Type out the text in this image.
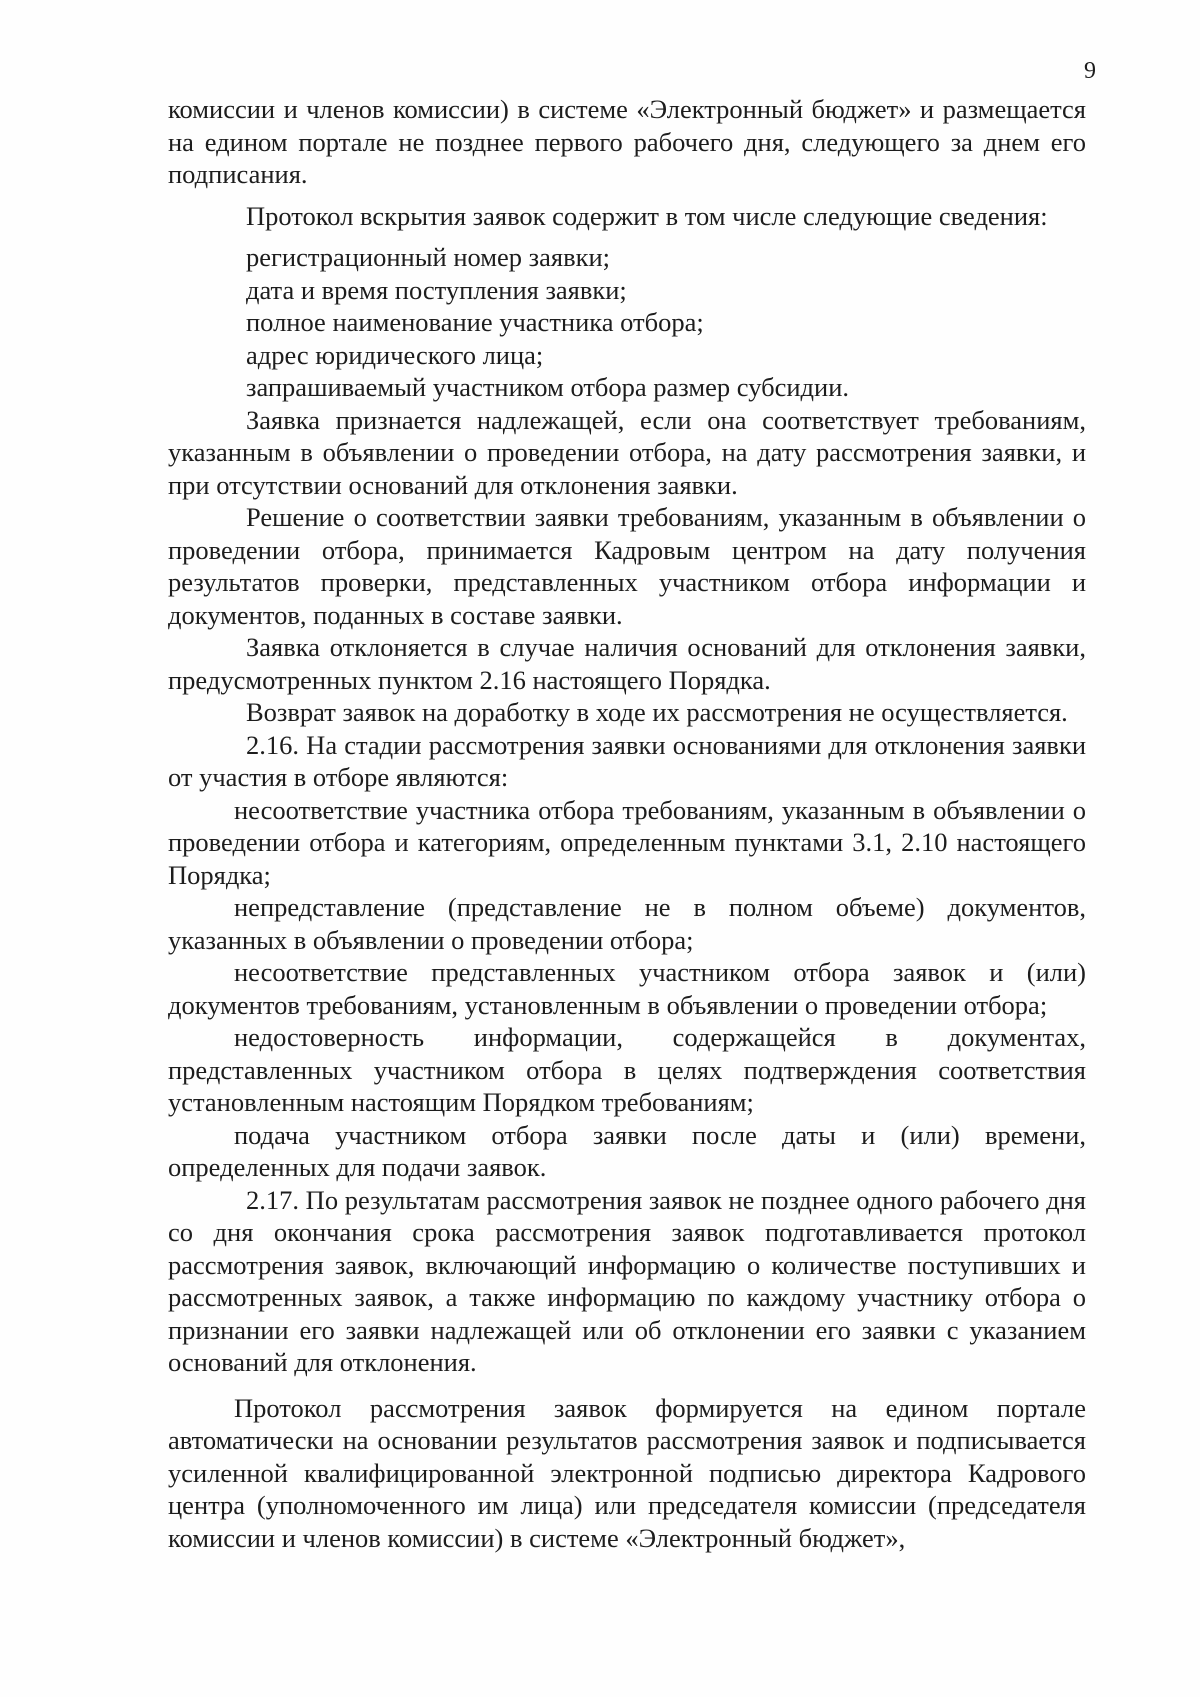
9

комиссии и членов комиссии) в системе «Электронный бюджет» и размещается на едином портале не позднее первого рабочего дня, следующего за днем его подписания.

Протокол вскрытия заявок содержит в том числе следующие сведения:

регистрационный номер заявки;

дата и время поступления заявки;

полное наименование участника отбора;

адрес юридического лица;

запрашиваемый участником отбора размер субсидии.

Заявка признается надлежащей, если она соответствует требованиям, указанным в объявлении о проведении отбора, на дату рассмотрения заявки, и при отсутствии оснований для отклонения заявки.

Решение о соответствии заявки требованиям, указанным в объявлении о проведении отбора, принимается Кадровым центром на дату получения результатов проверки, представленных участником отбора информации и документов, поданных в составе заявки.

Заявка отклоняется в случае наличия оснований для отклонения заявки, предусмотренных пунктом 2.16 настоящего Порядка.

Возврат заявок на доработку в ходе их рассмотрения не осуществляется.

2.16. На стадии рассмотрения заявки основаниями для отклонения заявки от участия в отборе являются:

несоответствие участника отбора требованиям, указанным в объявлении о проведении отбора и категориям, определенным пунктами 3.1, 2.10 настоящего Порядка;

непредставление (представление не в полном объеме) документов, указанных в объявлении о проведении отбора;

несоответствие представленных участником отбора заявок и (или) документов требованиям, установленным в объявлении о проведении отбора;

недостоверность информации, содержащейся в документах, представленных участником отбора в целях подтверждения соответствия установленным настоящим Порядком требованиям;

подача участником отбора заявки после даты и (или) времени, определенных для подачи заявок.

2.17. По результатам рассмотрения заявок не позднее одного рабочего дня со дня окончания срока рассмотрения заявок подготавливается протокол рассмотрения заявок, включающий информацию о количестве поступивших и рассмотренных заявок, а также информацию по каждому участнику отбора о признании его заявки надлежащей или об отклонении его заявки с указанием оснований для отклонения.

Протокол рассмотрения заявок формируется на едином портале автоматически на основании результатов рассмотрения заявок и подписывается усиленной квалифицированной электронной подписью директора Кадрового центра (уполномоченного им лица) или председателя комиссии (председателя комиссии и членов комиссии) в системе «Электронный бюджет»,
